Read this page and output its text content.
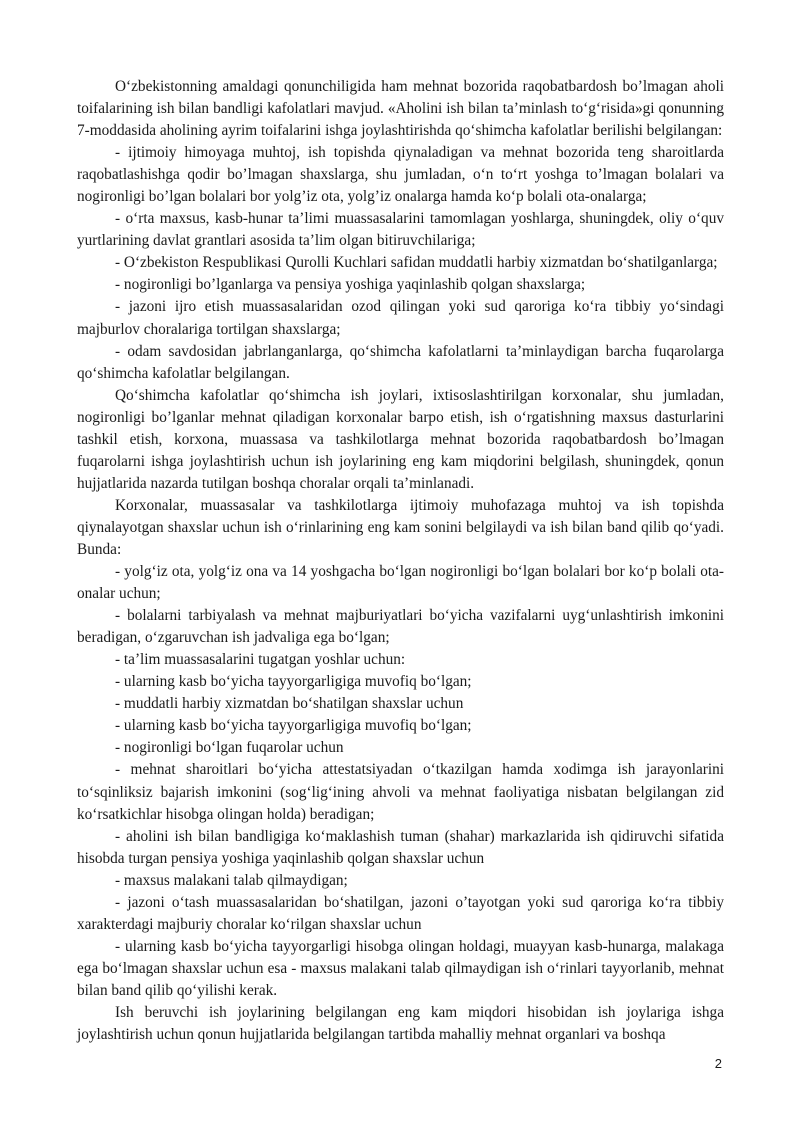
O‘zbekistonning amaldagi qonunchiligida ham mehnat bozorida raqobatbardosh bo’lmagan aholi toifalarining ish bilan bandligi kafolatlari mavjud. «Aholini ish bilan ta’minlash to‘g‘risida»gi qonunning 7-moddasida aholining ayrim toifalarini ishga joylashtirishda qo‘shimcha kafolatlar berilishi belgilangan:

- ijtimoiy himoyaga muhtoj, ish topishda qiynaladigan va mehnat bozorida teng sharoitlarda raqobatlashishga qodir bo’lmagan shaxslarga, shu jumladan, o‘n to‘rt yoshga to’lmagan bolalari va nogironligi bo’lgan bolalari bor yolg’iz ota, yolg’iz onalarga hamda ko‘p bolali ota-onalarga;

- o‘rta maxsus, kasb-hunar ta’limi muassasalarini tamomlagan yoshlarga, shuningdek, oliy o‘quv yurtlarining davlat grantlari asosida ta’lim olgan bitiruvchilariga;

- O‘zbekiston Respublikasi Qurolli Kuchlari safidan muddatli harbiy xizmatdan bo‘shatilganlarga;

- nogironligi bo’lganlarga va pensiya yoshiga yaqinlashib qolgan shaxslarga;

- jazoni ijro etish muassasalaridan ozod qilingan yoki sud qaroriga ko‘ra tibbiy yo‘sindagi majburlov choralariga tortilgan shaxslarga;

- odam savdosidan jabrlanganlarga, qo‘shimcha kafolatlarni ta’minlaydigan barcha fuqarolarga qo‘shimcha kafolatlar belgilangan.

Qo‘shimcha kafolatlar qo‘shimcha ish joylari, ixtisoslashtirilgan korxonalar, shu jumladan, nogironligi bo’lganlar mehnat qiladigan korxonalar barpo etish, ish o‘rgatishning maxsus dasturlarini tashkil etish, korxona, muassasa va tashkilotlarga mehnat bozorida raqobatbardosh bo’lmagan fuqarolarni ishga joylashtirish uchun ish joylarining eng kam miqdorini belgilash, shuningdek, qonun hujjatlarida nazarda tutilgan boshqa choralar orqali ta’minlanadi.

Korxonalar, muassasalar va tashkilotlarga ijtimoiy muhofazaga muhtoj va ish topishda qiynalayotgan shaxslar uchun ish o‘rinlarining eng kam sonini belgilaydi va ish bilan band qilib qo‘yadi. Bunda:

- yolg‘iz ota, yolg‘iz ona va 14 yoshgacha bo‘lgan nogironligi bo‘lgan bolalari bor ko‘p bolali ota-onalar uchun;

- bolalarni tarbiyalash va mehnat majburiyatlari bo‘yicha vazifalarni uyg‘unlashtirish imkonini beradigan, o‘zgaruvchan ish jadvaliga ega bo‘lgan;

- ta’lim muassasalarini tugatgan yoshlar uchun:

- ularning kasb bo‘yicha tayyorgarligiga muvofiq bo‘lgan;

- muddatli harbiy xizmatdan bo‘shatilgan shaxslar uchun

- ularning kasb bo‘yicha tayyorgarligiga muvofiq bo‘lgan;

- nogironligi bo‘lgan fuqarolar uchun

- mehnat sharoitlari bo‘yicha attestatsiyadan o‘tkazilgan hamda xodimga ish jarayonlarini to‘sqinliksiz bajarish imkonini (sog‘lig‘ining ahvoli va mehnat faoliyatiga nisbatan belgilangan zid ko‘rsatkichlar hisobga olingan holda) beradigan;

- aholini ish bilan bandligiga ko‘maklashish tuman (shahar) markazlarida ish qidiruvchi sifatida hisobda turgan pensiya yoshiga yaqinlashib qolgan shaxslar uchun

- maxsus malakani talab qilmaydigan;

- jazoni o‘tash muassasalaridan bo‘shatilgan, jazoni o’tayotgan yoki sud qaroriga ko‘ra tibbiy xarakterdagi majburiy choralar ko‘rilgan shaxslar uchun

- ularning kasb bo‘yicha tayyorgarligi hisobga olingan holdagi, muayyan kasb-hunarga, malakaga ega bo‘lmagan shaxslar uchun esa - maxsus malakani talab qilmaydigan ish o‘rinlari tayyorlanib, mehnat bilan band qilib qo‘yilishi kerak.

Ish beruvchi ish joylarining belgilangan eng kam miqdori hisobidan ish joylariga ishga joylashtirish uchun qonun hujjatlarida belgilangan tartibda mahalliy mehnat organlari va boshqa

2
